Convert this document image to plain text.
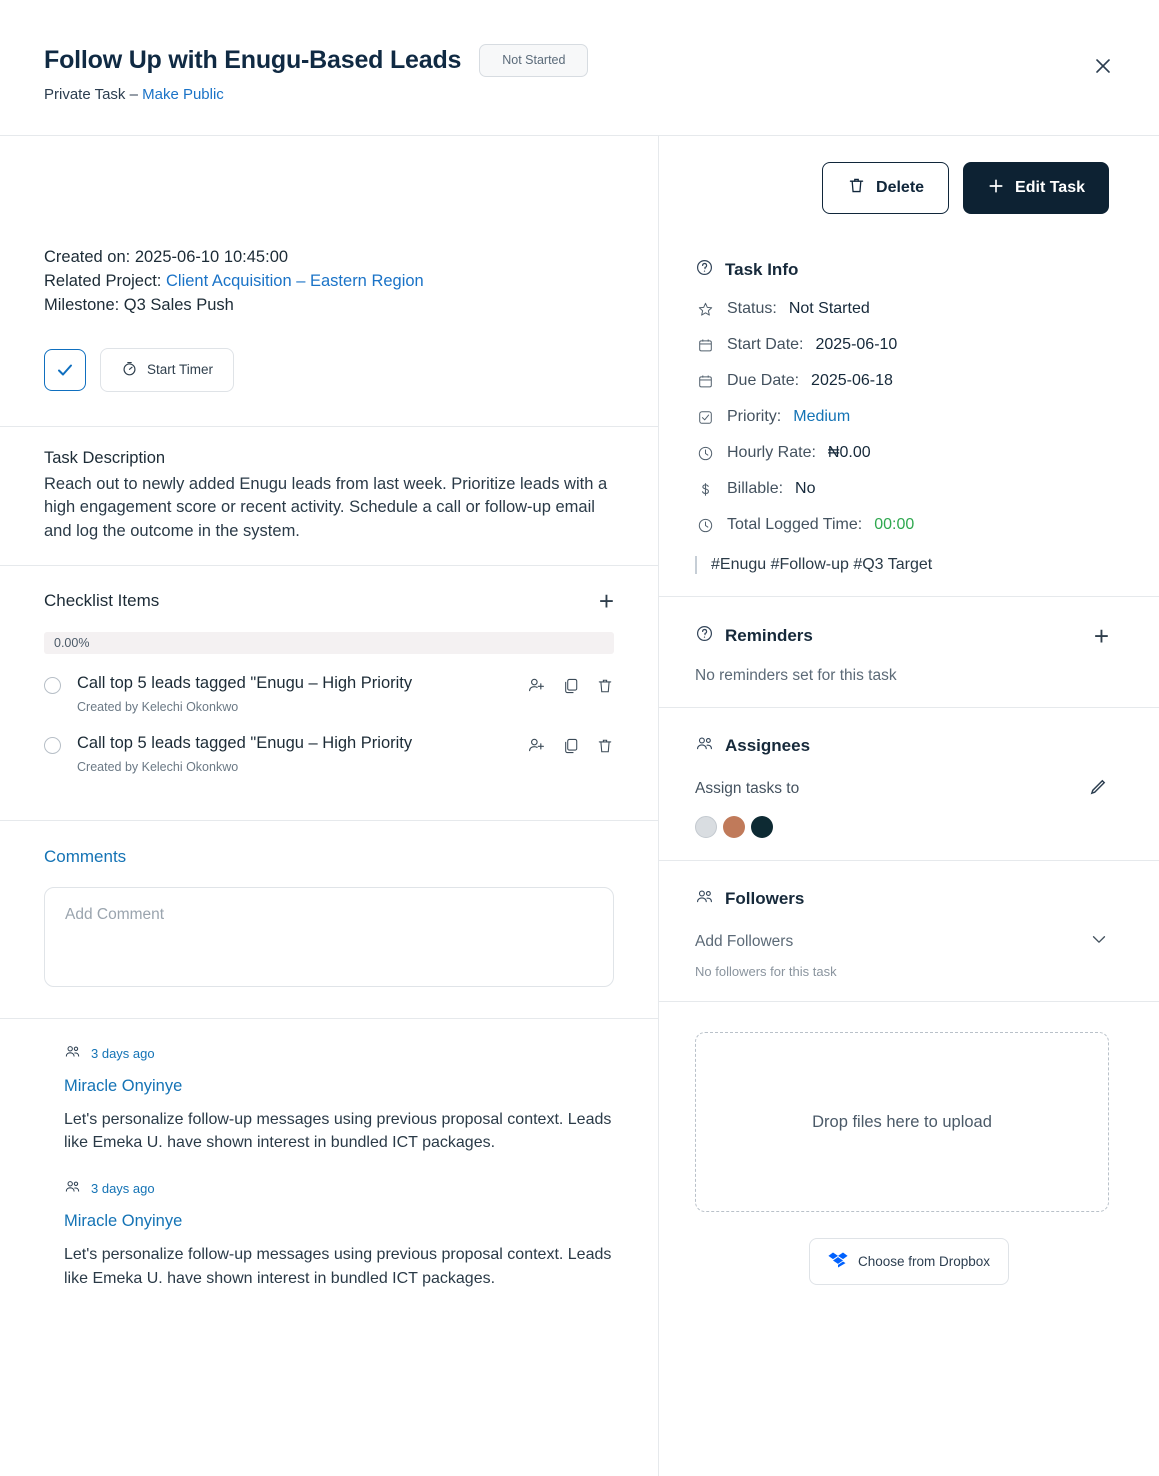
Follow Up with Enugu-Based Leads	Not Started
Private Task – Make Public
Created on: 2025-06-10 10:45:00
Related Project: Client Acquisition – Eastern Region
Milestone: Q3 Sales Push
Start Timer
Task Description
Reach out to newly added Enugu leads from last week. Prioritize leads with a high engagement score or recent activity. Schedule a call or follow-up email and log the outcome in the system.
Checklist Items	+
0.00%
Call top 5 leads tagged "Enugu – High Priority
Created by Kelechi Okonkwo
Call top 5 leads tagged "Enugu – High Priority
Created by Kelechi Okonkwo
Comments
Add Comment
3 days ago
Miracle Onyinye
Let's personalize follow-up messages using previous proposal context. Leads like Emeka U. have shown interest in bundled ICT packages.
3 days ago
Miracle Onyinye
Let's personalize follow-up messages using previous proposal context. Leads like Emeka U. have shown interest in bundled ICT packages.
Delete	Edit Task
Task Info
Status: Not Started
Start Date: 2025-06-10
Due Date: 2025-06-18
Priority: Medium
Hourly Rate: ₦0.00
Billable: No
Total Logged Time: 00:00
#Enugu #Follow-up #Q3 Target
Reminders	+
No reminders set for this task
Assignees
Assign tasks to
Followers
Add Followers
No followers for this task
Drop files here to upload
Choose from Dropbox
